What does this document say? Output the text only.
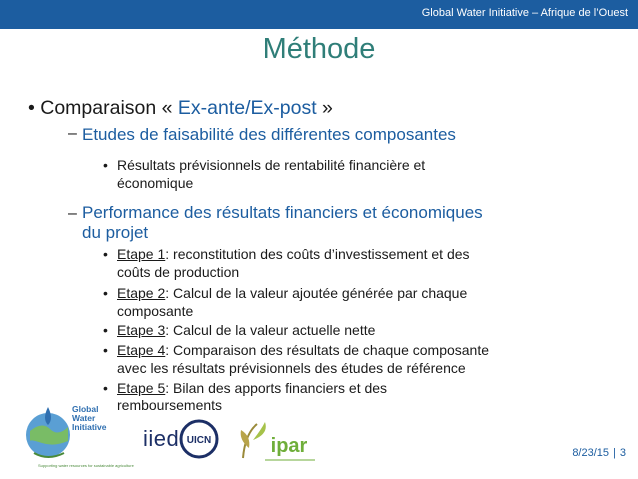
Global Water Initiative – Afrique de l’Ouest
Méthode
• Comparaison « Ex-ante/Ex-post »
– Etudes de faisabilité des différentes composantes
• Résultats prévisionnels de rentabilité financière et
économique
– Performance des résultats financiers et économiques
du projet
• Etape 1: reconstitution des coûts d’investissement et des
coûts de production
• Etape 2: Calcul de la valeur ajoutée générée par chaque
composante
• Etape 3: Calcul de la valeur actuelle nette
• Etape 4: Comparaison des résultats de chaque composante
avec les résultats prévisionnels des études de référence
• Etape 5: Bilan des apports financiers et des
remboursements
Global
Water
Initiative
Supporting water resources for sustainable agriculture
iied UICN	ipar	8/23/15 | 3
